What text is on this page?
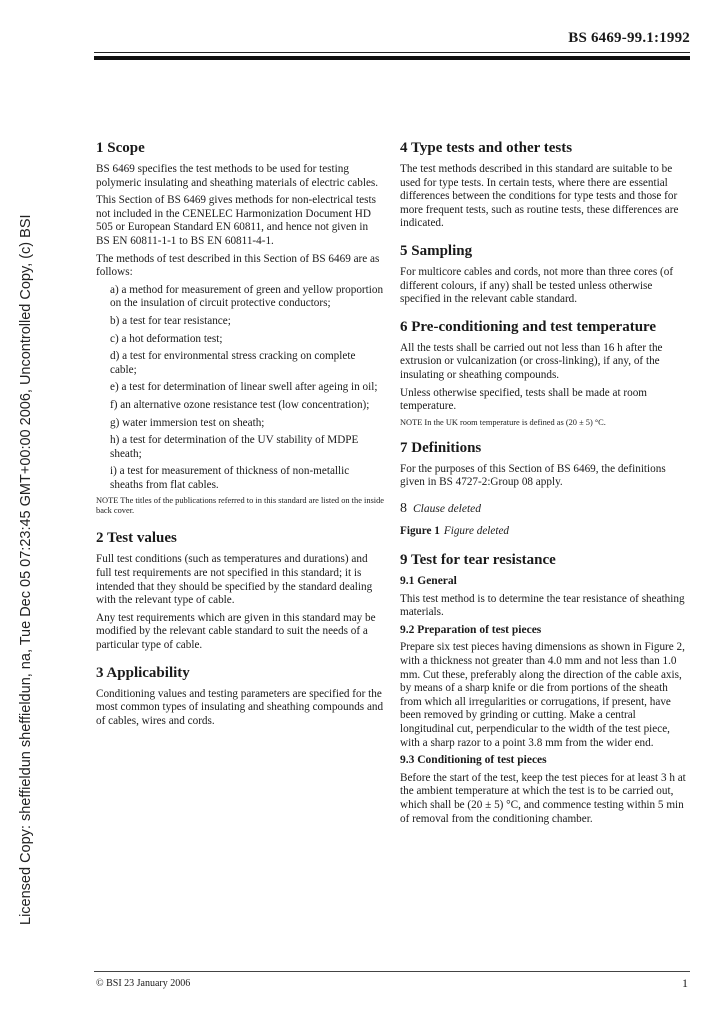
BS 6469-99.1:1992
Licensed Copy: sheffieldun sheffieldun, na, Tue Dec 05 07:23:45 GMT+00:00 2006, Uncontrolled Copy, (c) BSI
1 Scope

BS 6469 specifies the test methods to be used for testing polymeric insulating and sheathing materials of electric cables.

This Section of BS 6469 gives methods for non-electrical tests not included in the CENELEC Harmonization Document HD 505 or European Standard EN 60811, and hence not given in BS EN 60811-1-1 to BS EN 60811-4-1.

The methods of test described in this Section of BS 6469 are as follows:

a) a method for measurement of green and yellow proportion on the insulation of circuit protective conductors;

b) a test for tear resistance;

c) a hot deformation test;

d) a test for environmental stress cracking on complete cable;

e) a test for determination of linear swell after ageing in oil;

f) an alternative ozone resistance test (low concentration);

g) water immersion test on sheath;

h) a test for determination of the UV stability of MDPE sheath;

i) a test for measurement of thickness of non-metallic sheaths from flat cables.

NOTE The titles of the publications referred to in this standard are listed on the inside back cover.

2 Test values

Full test conditions (such as temperatures and durations) and full test requirements are not specified in this standard; it is intended that they should be specified by the standard dealing with the relevant type of cable.

Any test requirements which are given in this standard may be modified by the relevant cable standard to suit the needs of a particular type of cable.

3 Applicability

Conditioning values and testing parameters are specified for the most common types of insulating and sheathing compounds and of cables, wires and cords.

4 Type tests and other tests

The test methods described in this standard are suitable to be used for type tests. In certain tests, where there are essential differences between the conditions for type tests and those for more frequent tests, such as routine tests, these differences are indicated.

5 Sampling

For multicore cables and cords, not more than three cores (of different colours, if any) shall be tested unless otherwise specified in the relevant cable standard.

6 Pre-conditioning and test temperature

All the tests shall be carried out not less than 16 h after the extrusion or vulcanization (or cross-linking), if any, of the insulating or sheathing compounds.

Unless otherwise specified, tests shall be made at room temperature.

NOTE In the UK room temperature is defined as (20 ± 5) °C.

7 Definitions

For the purposes of this Section of BS 6469, the definitions given in BS 4727-2:Group 08 apply.

8 Clause deleted
Figure 1 Figure deleted
9 Test for tear resistance
9.1 General

This test method is to determine the tear resistance of sheathing materials.

9.2 Preparation of test pieces

Prepare six test pieces having dimensions as shown in Figure 2, with a thickness not greater than 4.0 mm and not less than 1.0 mm. Cut these, preferably along the direction of the cable axis, by means of a sharp knife or die from portions of the sheath from which all irregularities or corrugations, if present, have been removed by grinding or cutting. Make a central longitudinal cut, perpendicular to the width of the test piece, with a sharp razor to a point 3.8 mm from the wider end.

9.3 Conditioning of test pieces

Before the start of the test, keep the test pieces for at least 3 h at the ambient temperature at which the test is to be carried out, which shall be (20 ± 5) °C, and commence testing within 5 min of removal from the conditioning chamber.

© BSI 23 January 2006	1
